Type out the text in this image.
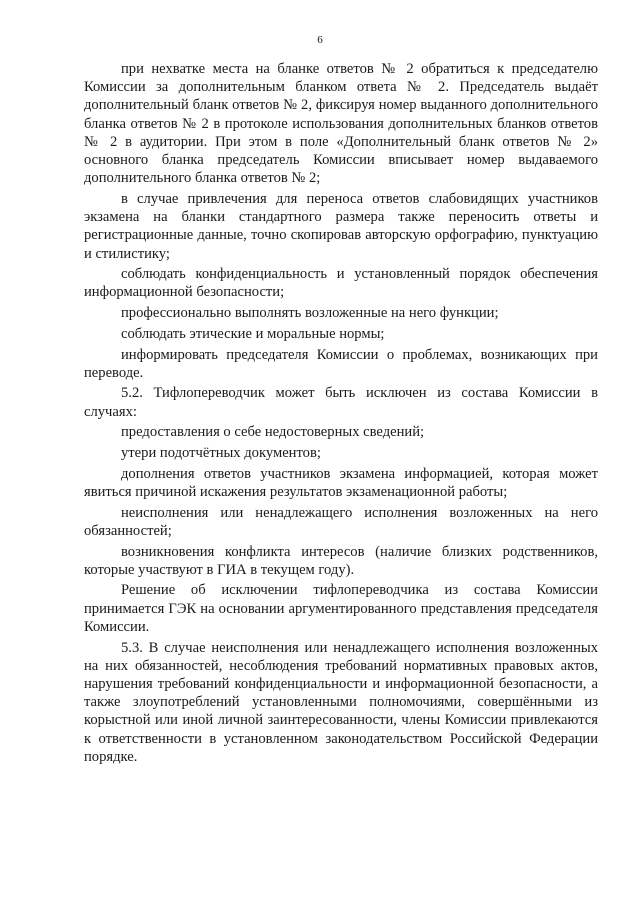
6

при нехватке места на бланке ответов № 2 обратиться к председателю Комиссии за дополнительным бланком ответа № 2. Председатель выдаёт дополнительный бланк ответов № 2, фиксируя номер выданного дополнительного бланка ответов № 2 в протоколе использования дополнительных бланков ответов № 2 в аудитории. При этом в поле «Дополнительный бланк ответов № 2» основного бланка председатель Комиссии вписывает номер выдаваемого дополнительного бланка ответов № 2;

в случае привлечения для переноса ответов слабовидящих участников экзамена на бланки стандартного размера также переносить ответы и регистрационные данные, точно скопировав авторскую орфографию, пунктуацию и стилистику;

соблюдать конфиденциальность и установленный порядок обеспечения информационной безопасности;

профессионально выполнять возложенные на него функции;

соблюдать этические и моральные нормы;

информировать председателя Комиссии о проблемах, возникающих при переводе.

5.2. Тифлопереводчик может быть исключен из состава Комиссии в случаях:

предоставления о себе недостоверных сведений;

утери подотчётных документов;

дополнения ответов участников экзамена информацией, которая может явиться причиной искажения результатов экзаменационной работы;

неисполнения или ненадлежащего исполнения возложенных на него обязанностей;

возникновения конфликта интересов (наличие близких родственников, которые участвуют в ГИА в текущем году).

Решение об исключении тифлопереводчика из состава Комиссии принимается ГЭК на основании аргументированного представления председателя Комиссии.

5.3. В случае неисполнения или ненадлежащего исполнения возложенных на них обязанностей, несоблюдения требований нормативных правовых актов, нарушения требований конфиденциальности и информационной безопасности, а также злоупотреблений установленными полномочиями, совершёнными из корыстной или иной личной заинтересованности, члены Комиссии привлекаются к ответственности в установленном законодательством Российской Федерации порядке.
